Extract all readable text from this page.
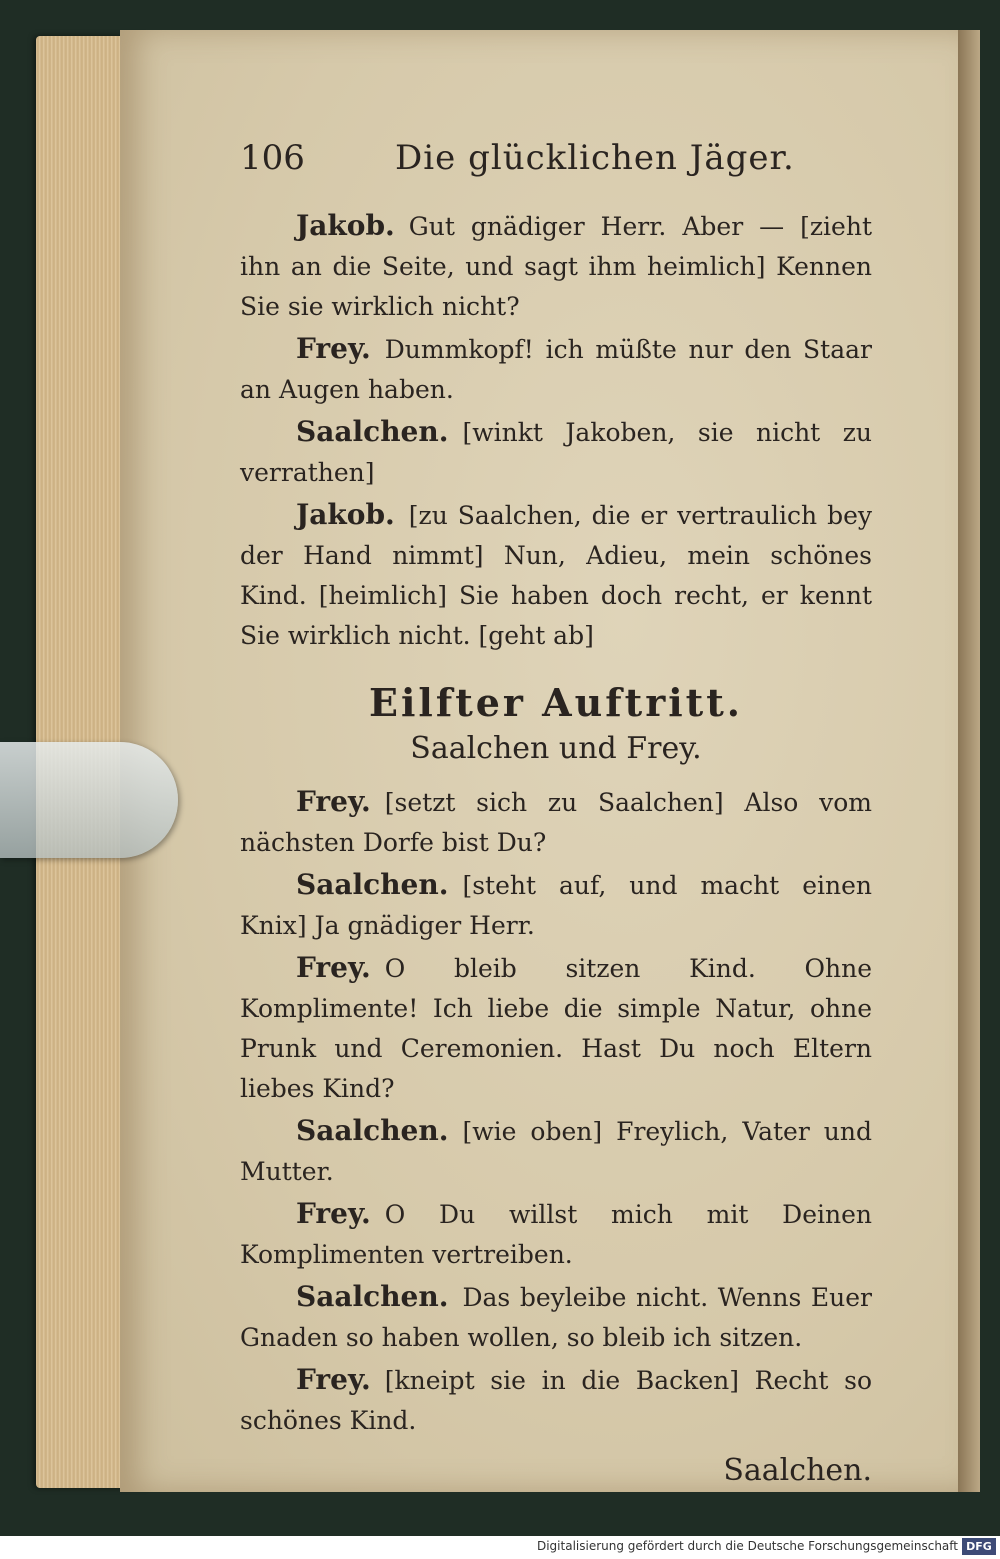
106	Die glücklichen Jäger.

Jakob. Gut gnädiger Herr. Aber — [zieht ihn an die Seite, und sagt ihm heimlich] Kennen Sie sie wirklich nicht?

Frey. Dummkopf! ich müßte nur den Staar an Augen haben.

Saalchen. [winkt Jakoben, sie nicht zu verrathen]

Jakob. [zu Saalchen, die er vertraulich bey der Hand nimmt] Nun, Adieu, mein schönes Kind. [heimlich] Sie haben doch recht, er kennt Sie wirklich nicht. [geht ab]

Eilfter Auftritt.
Saalchen und Frey.

Frey. [setzt sich zu Saalchen] Also vom nächsten Dorfe bist Du?

Saalchen. [steht auf, und macht einen Knix] Ja gnädiger Herr.

Frey. O bleib sitzen Kind. Ohne Komplimente! Ich liebe die simple Natur, ohne Prunk und Ceremonien. Hast Du noch Eltern liebes Kind?

Saalchen. [wie oben] Freylich, Vater und Mutter.

Frey. O Du willst mich mit Deinen Komplimenten vertreiben.

Saalchen. Das beyleibe nicht. Wenns Euer Gnaden so haben wollen, so bleib ich sitzen.

Frey. [kneipt sie in die Backen] Recht so schönes Kind.

Saalchen.
Digitalisierung gefördert durch die Deutsche Forschungsgemeinschaft DFG
